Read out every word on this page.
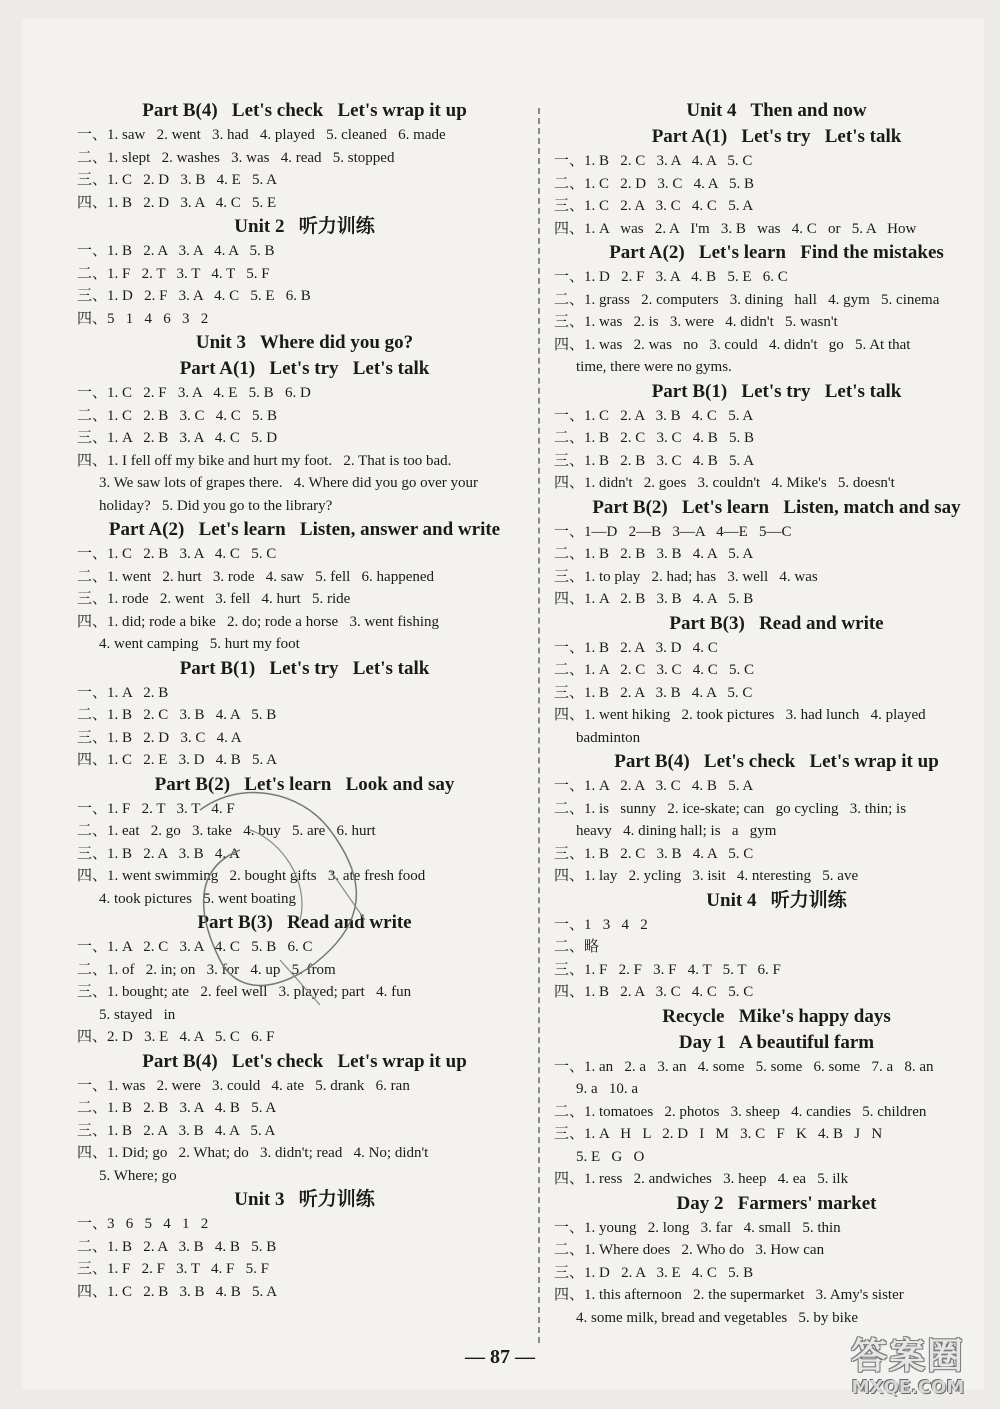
Part B(4)   Let's check   Let's wrap it up
一、1. saw   2. went   3. had   4. played   5. cleaned   6. made
二、1. slept   2. washes   3. was   4. read   5. stopped
三、1. C   2. D   3. B   4. E   5. A
四、1. B   2. D   3. A   4. C   5. E
Unit 2   听力训练
一、1. B   2. A   3. A   4. A   5. B
二、1. F   2. T   3. T   4. T   5. F
三、1. D   2. F   3. A   4. C   5. E   6. B
四、5   1   4   6   3   2
Unit 3   Where did you go?
Part A(1)   Let's try   Let's talk
一、1. C   2. F   3. A   4. E   5. B   6. D
二、1. C   2. B   3. C   4. C   5. B
三、1. A   2. B   3. A   4. C   5. D
四、1. I fell off my bike and hurt my foot.   2. That is too bad.
3. We saw lots of grapes there.   4. Where did you go over your
holiday?   5. Did you go to the library?
Part A(2)   Let's learn   Listen, answer and write
一、1. C   2. B   3. A   4. C   5. C
二、1. went   2. hurt   3. rode   4. saw   5. fell   6. happened
三、1. rode   2. went   3. fell   4. hurt   5. ride
四、1. did; rode a bike   2. do; rode a horse   3. went fishing
4. went camping   5. hurt my foot
Part B(1)   Let's try   Let's talk
一、1. A   2. B
二、1. B   2. C   3. B   4. A   5. B
三、1. B   2. D   3. C   4. A
四、1. C   2. E   3. D   4. B   5. A
Part B(2)   Let's learn   Look and say
一、1. F   2. T   3. T   4. F
二、1. eat   2. go   3. take   4. buy   5. are   6. hurt
三、1. B   2. A   3. B   4. A
四、1. went swimming   2. bought gifts   3. ate fresh food
4. took pictures   5. went boating
Part B(3)   Read and write
一、1. A   2. C   3. A   4. C   5. B   6. C
二、1. of   2. in; on   3. for   4. up   5. from
三、1. bought; ate   2. feel well   3. played; part   4. fun
5. stayed   in
四、2. D   3. E   4. A   5. C   6. F
Part B(4)   Let's check   Let's wrap it up
一、1. was   2. were   3. could   4. ate   5. drank   6. ran
二、1. B   2. B   3. A   4. B   5. A
三、1. B   2. A   3. B   4. A   5. A
四、1. Did; go   2. What; do   3. didn't; read   4. No; didn't
5. Where; go
Unit 3   听力训练
一、3   6   5   4   1   2
二、1. B   2. A   3. B   4. B   5. B
三、1. F   2. F   3. T   4. F   5. F
四、1. C   2. B   3. B   4. B   5. A
Unit 4   Then and now
Part A(1)   Let's try   Let's talk
一、1. B   2. C   3. A   4. A   5. C
二、1. C   2. D   3. C   4. A   5. B
三、1. C   2. A   3. C   4. C   5. A
四、1. A   was   2. A   I'm   3. B   was   4. C   or   5. A   How
Part A(2)   Let's learn   Find the mistakes
一、1. D   2. F   3. A   4. B   5. E   6. C
二、1. grass   2. computers   3. dining   hall   4. gym   5. cinema
三、1. was   2. is   3. were   4. didn't   5. wasn't
四、1. was   2. was   no   3. could   4. didn't   go   5. At that
time, there were no gyms.
Part B(1)   Let's try   Let's talk
一、1. C   2. A   3. B   4. C   5. A
二、1. B   2. C   3. C   4. B   5. B
三、1. B   2. B   3. C   4. B   5. A
四、1. didn't   2. goes   3. couldn't   4. Mike's   5. doesn't
Part B(2)   Let's learn   Listen, match and say
一、1—D   2—B   3—A   4—E   5—C
二、1. B   2. B   3. B   4. A   5. A
三、1. to play   2. had; has   3. well   4. was
四、1. A   2. B   3. B   4. A   5. B
Part B(3)   Read and write
一、1. B   2. A   3. D   4. C
二、1. A   2. C   3. C   4. C   5. C
三、1. B   2. A   3. B   4. A   5. C
四、1. went hiking   2. took pictures   3. had lunch   4. played
badminton
Part B(4)   Let's check   Let's wrap it up
一、1. A   2. A   3. C   4. B   5. A
二、1. is   sunny   2. ice-skate; can   go cycling   3. thin; is
heavy   4. dining hall; is   a   gym
三、1. B   2. C   3. B   4. A   5. C
四、1. lay   2. ycling   3. isit   4. nteresting   5. ave
Unit 4   听力训练
一、1   3   4   2
二、略
三、1. F   2. F   3. F   4. T   5. T   6. F
四、1. B   2. A   3. C   4. C   5. C
Recycle   Mike's happy days
Day 1   A beautiful farm
一、1. an   2. a   3. an   4. some   5. some   6. some   7. a   8. an
9. a   10. a
二、1. tomatoes   2. photos   3. sheep   4. candies   5. children
三、1. A   H   L   2. D   I   M   3. C   F   K   4. B   J   N
5. E   G   O
四、1. ress   2. andwiches   3. heep   4. ea   5. ilk
Day 2   Farmers' market
一、1. young   2. long   3. far   4. small   5. thin
二、1. Where does   2. Who do   3. How can
三、1. D   2. A   3. E   4. C   5. B
四、1. this afternoon   2. the supermarket   3. Amy's sister
4. some milk, bread and vegetables   5. by bike
— 87 —	答案圈
MXQE.COM
